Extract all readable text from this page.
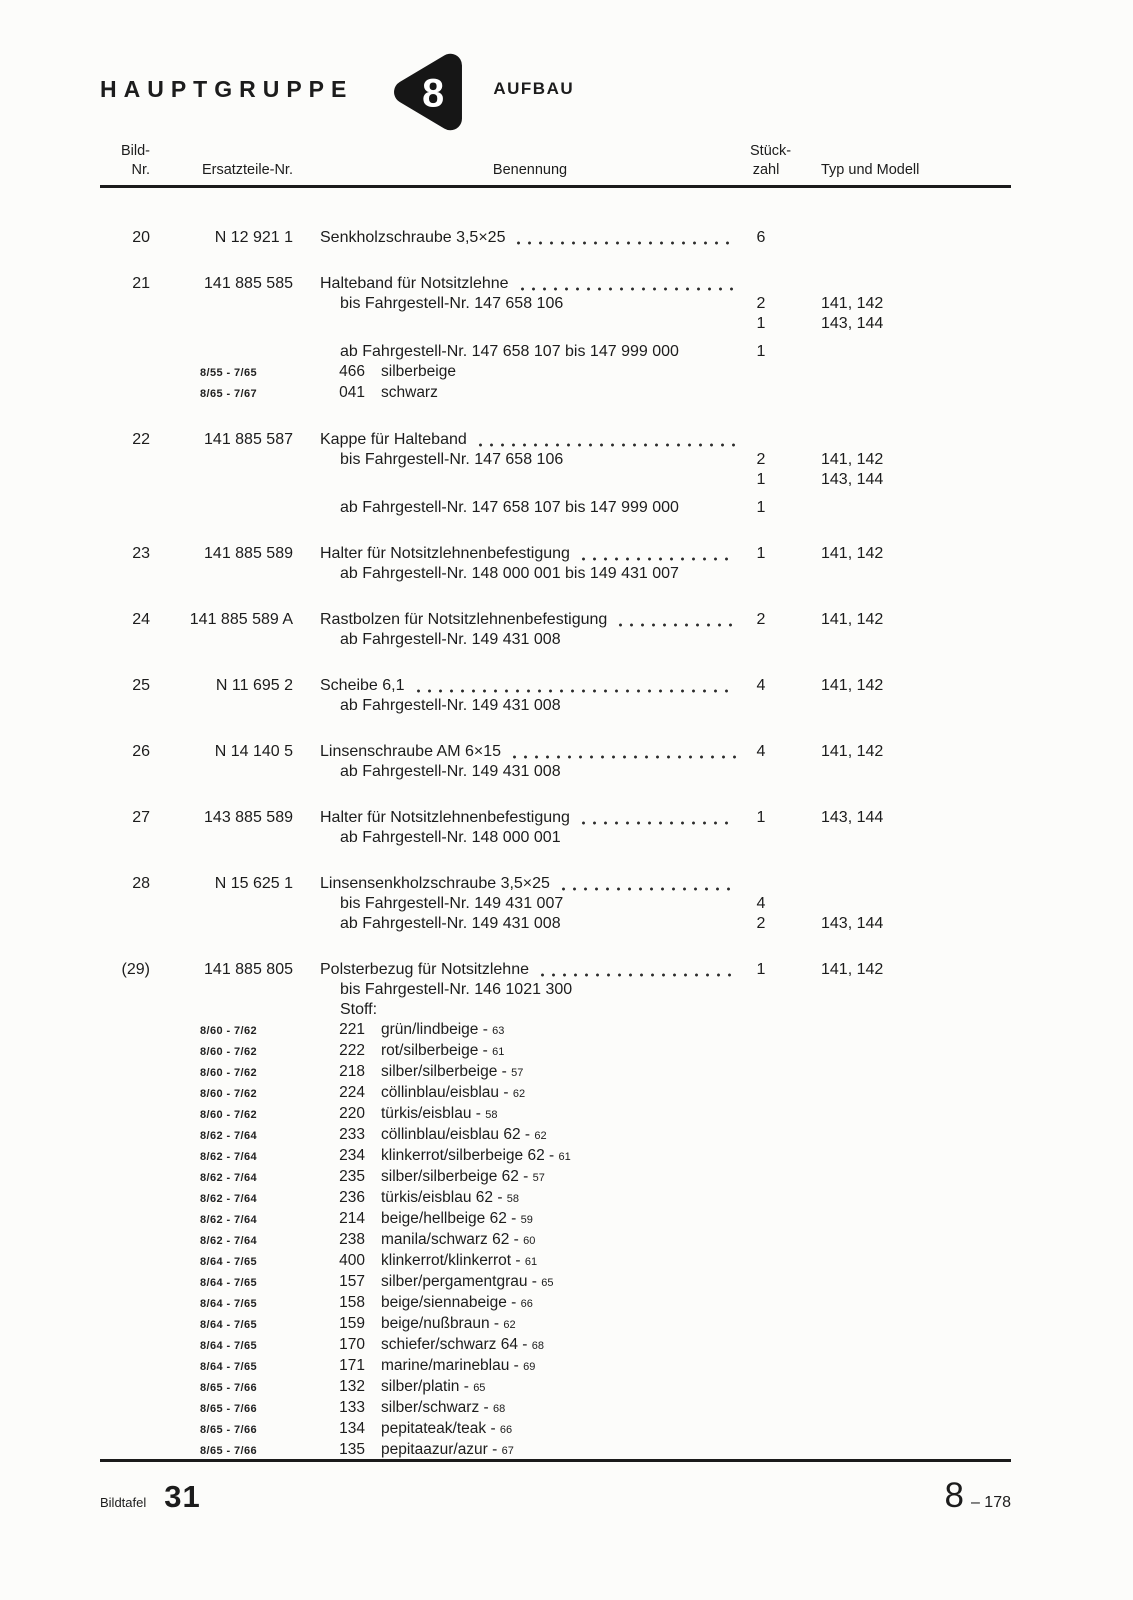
HAUPTGRUPPE 8	AUFBAU
Bild-
Nr.	Ersatzteile-Nr.	Benennung
Stück-
zahl	Typ und Modell
20	N 12 921 1	Senkholzschraube 3,5×25	6
21	141 885 585	Halteband für Notsitzlehne
bis Fahrgestell-Nr. 147 658 106	2	141, 142
1	143, 144
ab Fahrgestell-Nr. 147 658 107 bis 147 999 000	1
8/55 - 7/65	466 silberbeige
8/65 - 7/67	041 schwarz
22	141 885 587	Kappe für Halteband
bis Fahrgestell-Nr. 147 658 106	2	141, 142
1	143, 144
ab Fahrgestell-Nr. 147 658 107 bis 147 999 000	1
23	141 885 589	Halter für Notsitzlehnenbefestigung	1	141, 142
ab Fahrgestell-Nr. 148 000 001 bis 149 431 007
24	141 885 589 A	Rastbolzen für Notsitzlehnenbefestigung	2	141, 142
ab Fahrgestell-Nr. 149 431 008
25	N 11 695 2	Scheibe 6,1	4	141, 142
ab Fahrgestell-Nr. 149 431 008
26	N 14 140 5	Linsenschraube AM 6×15	4	141, 142
ab Fahrgestell-Nr. 149 431 008
27	143 885 589	Halter für Notsitzlehnenbefestigung	1	143, 144
ab Fahrgestell-Nr. 148 000 001
28	N 15 625 1	Linsensenkholzschraube 3,5×25
bis Fahrgestell-Nr. 149 431 007	4
ab Fahrgestell-Nr. 149 431 008	2	143, 144
(29)	141 885 805	Polsterbezug für Notsitzlehne	1	141, 142
bis Fahrgestell-Nr. 146 1021 300
Stoff:
8/60 - 7/62	221 grün/lindbeige - 63
8/60 - 7/62	222 rot/silberbeige - 61
8/60 - 7/62	218 silber/silberbeige - 57
8/60 - 7/62	224 cöllinblau/eisblau - 62
8/60 - 7/62	220 türkis/eisblau - 58
8/62 - 7/64	233 cöllinblau/eisblau 62 - 62
8/62 - 7/64	234 klinkerrot/silberbeige 62 - 61
8/62 - 7/64	235 silber/silberbeige 62 - 57
8/62 - 7/64	236 türkis/eisblau 62 - 58
8/62 - 7/64	214 beige/hellbeige 62 - 59
8/62 - 7/64	238 manila/schwarz 62 - 60
8/64 - 7/65	400 klinkerrot/klinkerrot - 61
8/64 - 7/65	157 silber/pergamentgrau - 65
8/64 - 7/65	158 beige/siennabeige - 66
8/64 - 7/65	159 beige/nußbraun - 62
8/64 - 7/65	170 schiefer/schwarz 64 - 68
8/64 - 7/65	171 marine/marineblau - 69
8/65 - 7/66	132 silber/platin - 65
8/65 - 7/66	133 silber/schwarz - 68
8/65 - 7/66	134 pepitateak/teak - 66
8/65 - 7/66	135 pepitaazur/azur - 67
Bildtafel 31	8 – 178
